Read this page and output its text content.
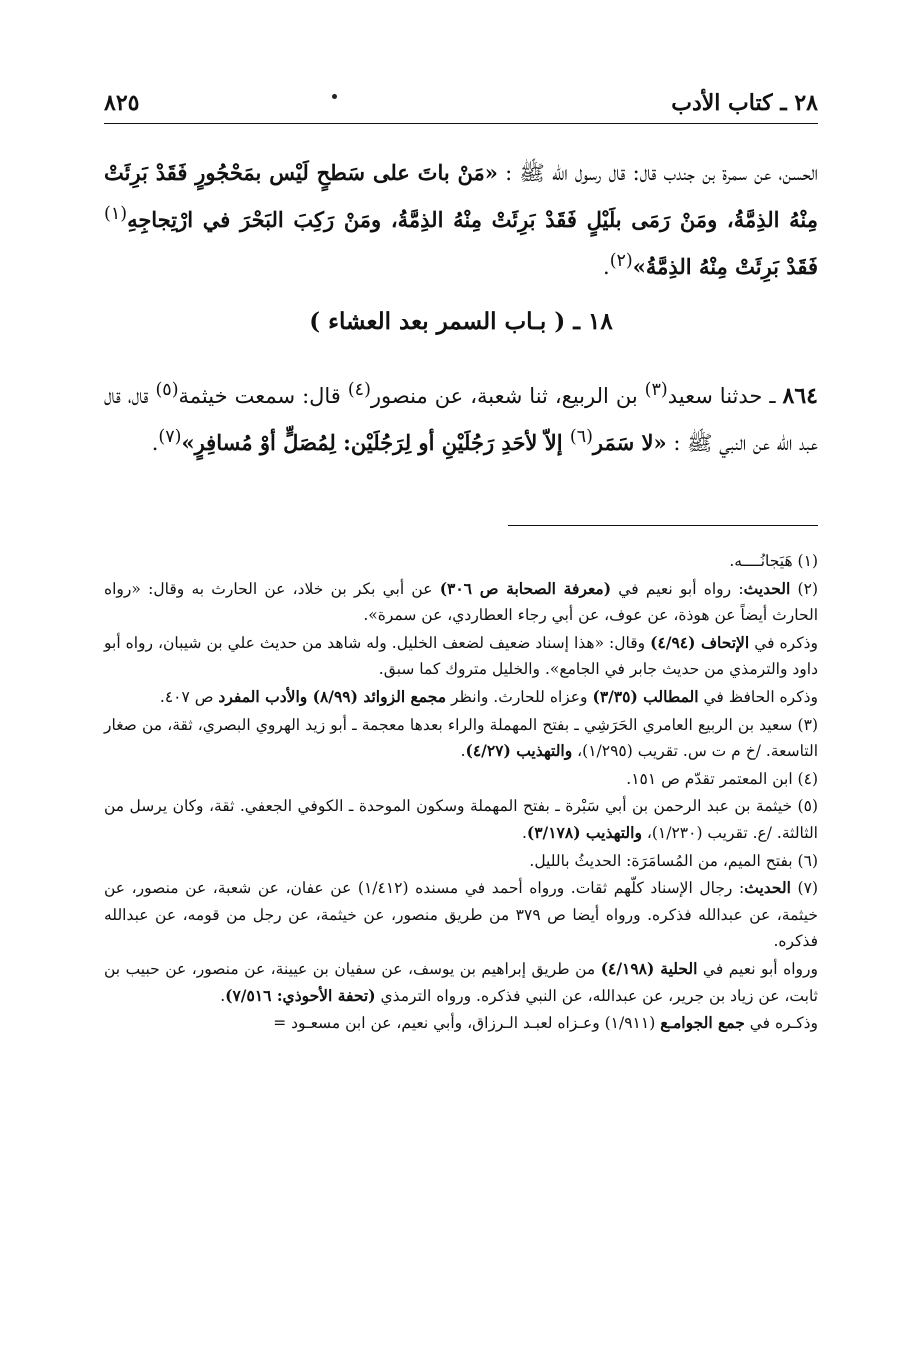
٨٢٥	٢٨ ـ كتاب الأدب
الحسن، عن سمرة بن جندب قال: قال رسول الله ﷺ : «مَنْ باتَ على سَطحٍ لَيْس بمَحْجُورٍ فَقَدْ بَرِئَتْ مِنْهُ الذِمَّةُ، ومَنْ رَمَى بلَيْلٍ فَقَدْ بَرِئَتْ مِنْهُ الذِمَّةُ، ومَنْ رَكِبَ البَحْرَ في ارْتِجاجِهِ$^{(١)}$ فَقَدْ بَرِئَتْ مِنْهُ الذِمَّةُ»$^{(٢)}$.
١٨ ـ ( بـاب السمر بعد العشاء )
٨٦٤ ـ حدثنا سعيد$^{(٣)}$ بن الربيع، ثنا شعبة، عن منصور$^{(٤)}$ قال: سمعت خيثمة$^{(٥)}$ قال، قال عبد الله عن النبي ﷺ : «لا سَمَر$^{(٦)}$ إلاّ لأحَدِ رَجُلَيْنِ أو لِرَجُلَيْن: لِمُصَلٍّ أوْ مُسافِرٍ»$^{(٧)}$.

(١) هَيَجانُــــه.

(٢) الحديث: رواه أبو نعيم في (معرفة الصحابة ص ٣٠٦) عن أبي بكر بن خلاد، عن الحارث به وقال: «رواه الحارث أيضاً عن هوذة، عن عوف، عن أبي رجاء العطاردي، عن سمرة».

وذكره في الإتحاف (٤/٩٤) وقال: «هذا إسناد ضعيف لضعف الخليل. وله شاهد من حديث علي بن شيبان، رواه أبو داود والترمذي من حديث جابر في الجامع». والخليل متروك كما سبق.

وذكره الحافظ في المطالب (٣/٣٥) وعزاه للحارث. وانظر مجمع الزوائد (٨/٩٩) والأدب المفرد ص ٤٠٧.

(٣) سعيد بن الربيع العامري الحَرَشِي ـ بفتح المهملة والراء بعدها معجمة ـ أبو زيد الهروي البصري، ثقة، من صغار التاسعة. /خ م ت س. تقريب (١/٢٩٥)، والتهذيب (٤/٢٧).

(٤) ابن المعتمر تقدّم ص ١٥١.

(٥) خيثمة بن عبد الرحمن بن أبي سَبْرة ـ بفتح المهملة وسكون الموحدة ـ الكوفي الجعفي. ثقة، وكان يرسل من الثالثة. /ع. تقريب (١/٢٣٠)، والتهذيب (٣/١٧٨).

(٦) بفتح الميم، من المُسامَرَة: الحديثُ بالليل.

(٧) الحديث: رجال الإسناد كلّهم ثقات. ورواه أحمد في مسنده (١/٤١٢) عن عفان، عن شعبة، عن منصور، عن خيثمة، عن عبدالله فذكره. ورواه أيضا ص ٣٧٩ من طريق منصور، عن خيثمة، عن رجل من قومه، عن عبدالله فذكره.

ورواه أبو نعيم في الحلية (٤/١٩٨) من طريق إبراهيم بن يوسف، عن سفيان بن عيينة، عن منصور، عن حبيب بن ثابت، عن زياد بن جرير، عن عبدالله، عن النبي فذكره. ورواه الترمذي (تحفة الأحوذي: ٧/٥١٦).

وذكـره في جمع الجوامـع (١/٩١١) وعـزاه لعبـد الـرزاق، وأبي نعيم، عن ابن مسعـود =
